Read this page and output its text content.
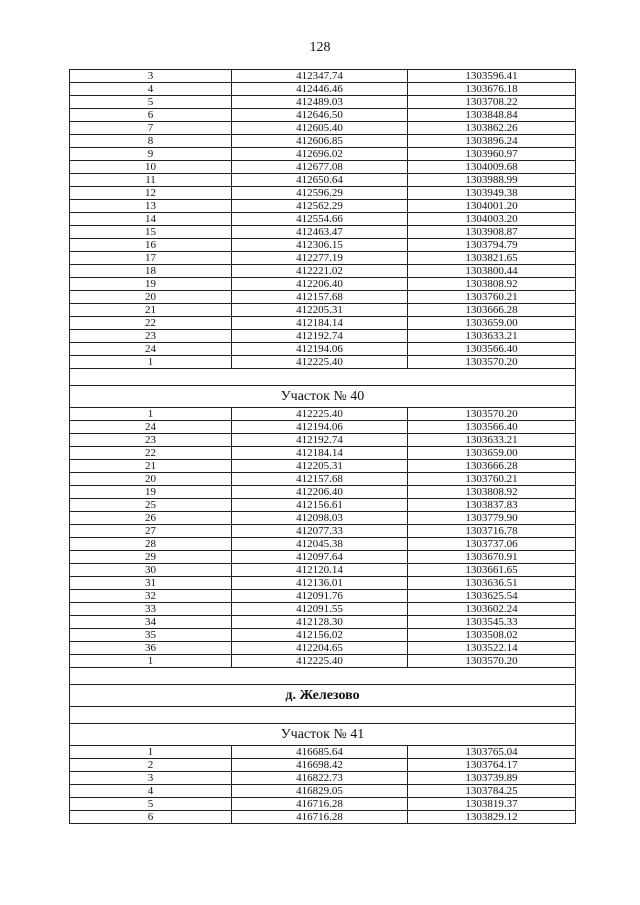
128
3	412347.74	1303596.41
4	412446.46	1303676.18
5	412489.03	1303708.22
6	412646.50	1303848.84
7	412605.40	1303862.26
8	412606.85	1303896.24
9	412696.02	1303960.97
10	412677.08	1304009.68
11	412650.64	1303988.99
12	412596.29	1303949.38
13	412562.29	1304001.20
14	412554.66	1304003.20
15	412463.47	1303908.87
16	412306.15	1303794.79
17	412277.19	1303821.65
18	412221.02	1303800.44
19	412206.40	1303808.92
20	412157.68	1303760.21
21	412205.31	1303666.28
22	412184.14	1303659.00
23	412192.74	1303633.21
24	412194.06	1303566.40
1	412225.40	1303570.20

Участок № 40		
1	412225.40	1303570.20
24	412194.06	1303566.40
23	412192.74	1303633.21
22	412184.14	1303659.00
21	412205.31	1303666.28
20	412157.68	1303760.21
19	412206.40	1303808.92
25	412156.61	1303837.83
26	412098.03	1303779.90
27	412077.33	1303716.78
28	412045.38	1303737.06
29	412097.64	1303670.91
30	412120.14	1303661.65
31	412136.01	1303636.51
32	412091.76	1303625.54
33	412091.55	1303602.24
34	412128.30	1303545.33
35	412156.02	1303508.02
36	412204.65	1303522.14
1	412225.40	1303570.20

д. Железово		

Участок № 41		
1	416685.64	1303765.04
2	416698.42	1303764.17
3	416822.73	1303739.89
4	416829.05	1303784.25
5	416716.28	1303819.37
6	416716.28	1303829.12
